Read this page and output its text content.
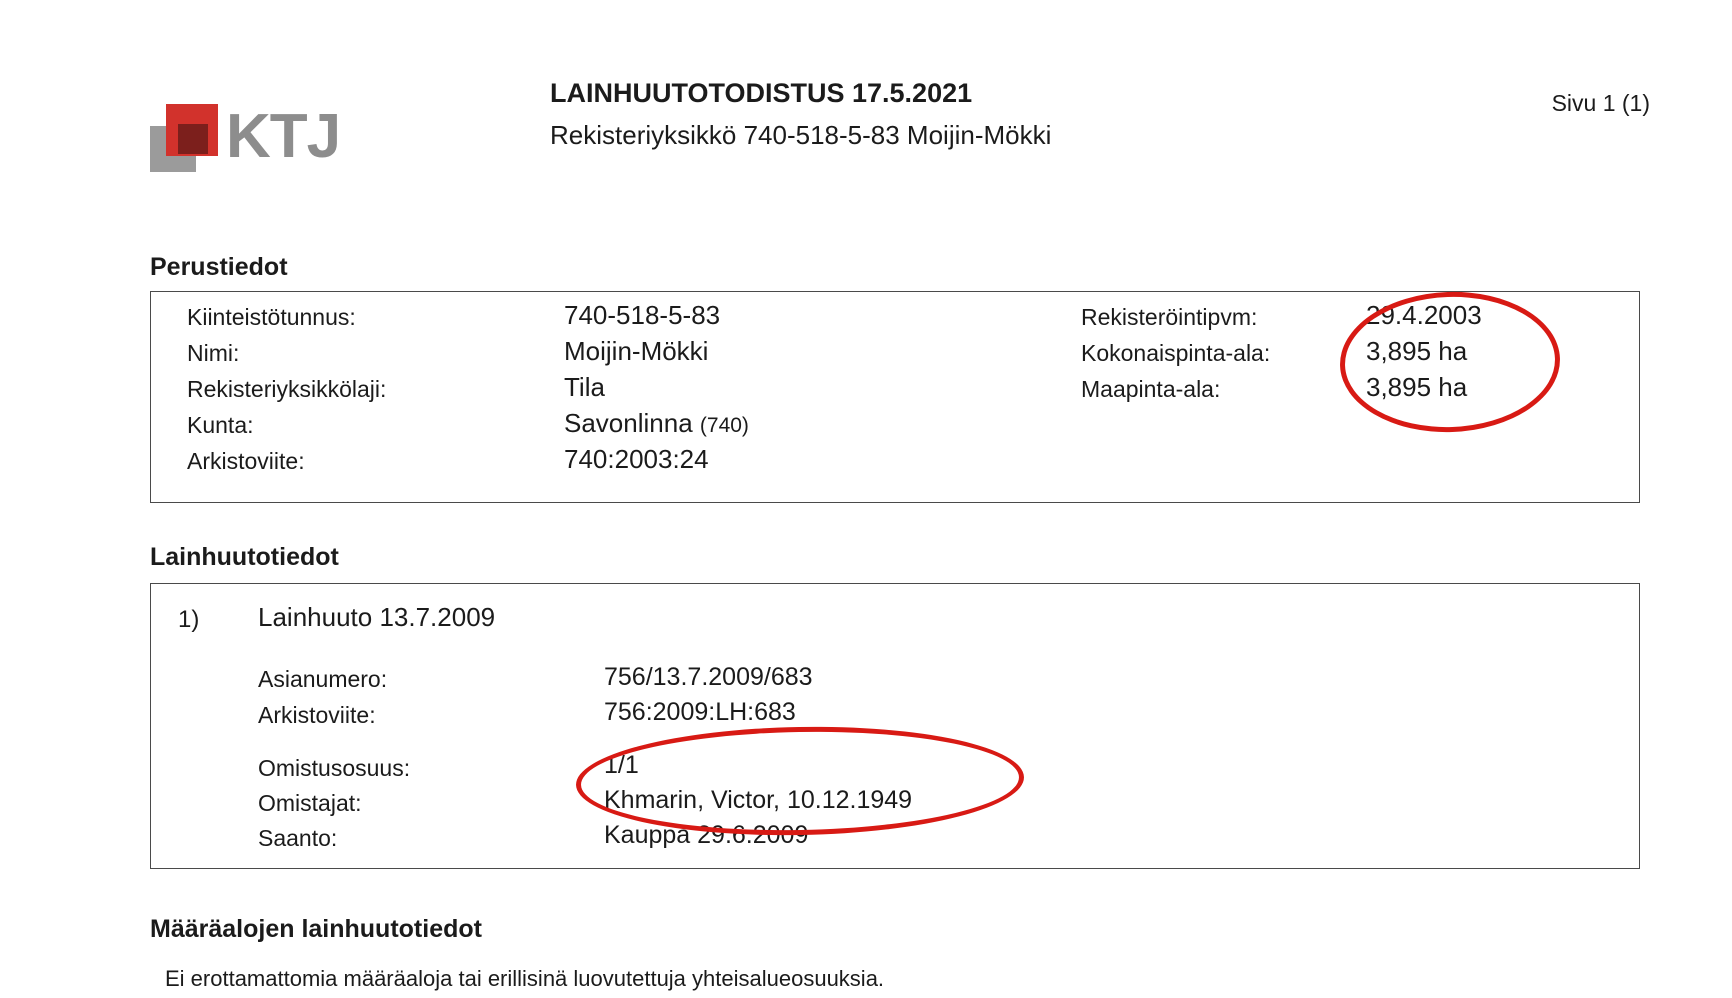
KTJ
LAINHUUTOTODISTUS 17.5.2021
Rekisteriyksikkö 740-518-5-83 Moijin-Mökki
Sivu 1 (1)
Perustiedot
Kiinteistötunnus:
Nimi:
Rekisteriyksikkölaji:
Kunta:
Arkistoviite:
740-518-5-83
Moijin-Mökki
Tila
Savonlinna (740)
740:2003:24
Rekisteröintipvm:
Kokonaispinta-ala:
Maapinta-ala:
29.4.2003
3,895 ha
3,895 ha
Lainhuutotiedot
1) Lainhuuto 13.7.2009
Asianumero:
Arkistoviite:
Omistusosuus:
Omistajat:
Saanto:
756/13.7.2009/683
756:2009:LH:683
1/1
Khmarin, Victor, 10.12.1949
Kauppa 29.6.2009
Määräalojen lainhuutotiedot
Ei erottamattomia määräaloja tai erillisinä luovutettuja yhteisalueosuuksia.
